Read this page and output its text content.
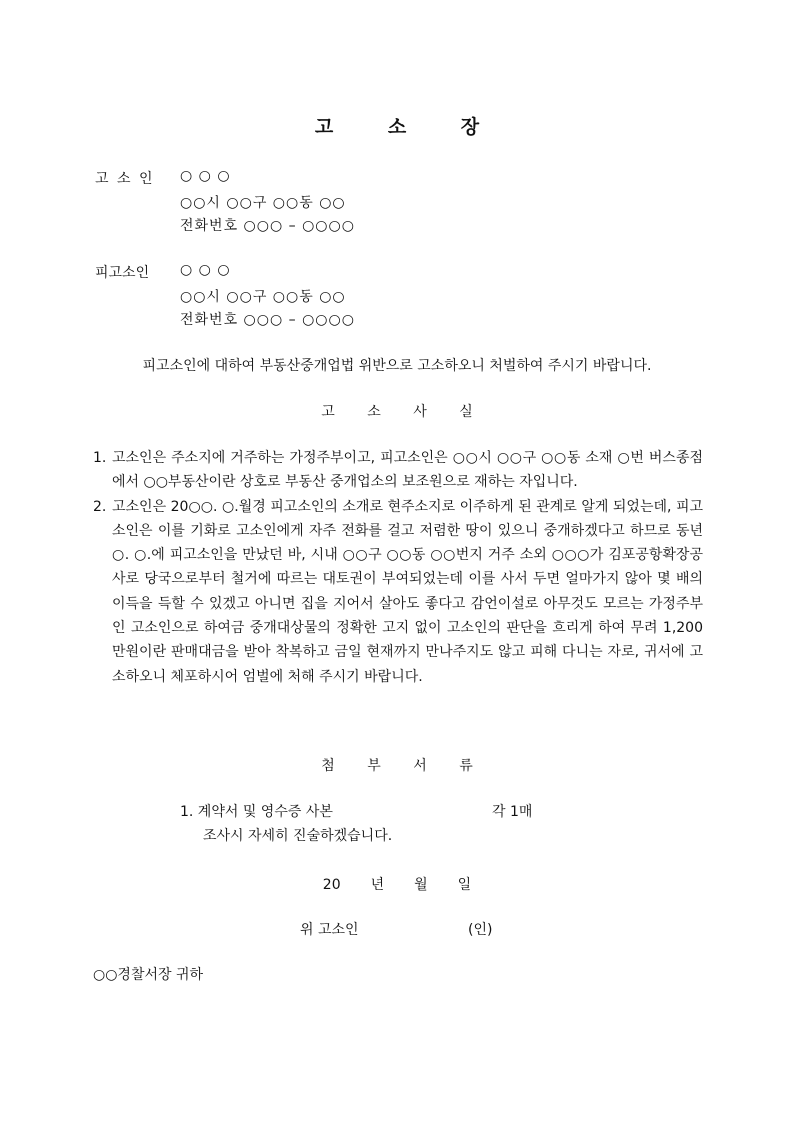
고 소 장
고 소 인 ○ ○ ○
○○시 ○○구 ○○동 ○○
전화번호 ○○○ – ○○○○
피고소인 ○ ○ ○
○○시 ○○구 ○○동 ○○
전화번호 ○○○ – ○○○○
피고소인에 대하여 부동산중개업법 위반으로 고소하오니 처벌하여 주시기 바랍니다.
고 소 사 실
1. 고소인은 주소지에 거주하는 가정주부이고, 피고소인은 ○○시 ○○구 ○○동 소재 ○번 버스종점에서 ○○부동산이란 상호로 부동산 중개업소의 보조원으로 재하는 자입니다.
2. 고소인은 20○○. ○.월경 피고소인의 소개로 현주소지로 이주하게 된 관계로 알게 되었는데, 피고소인은 이를 기화로 고소인에게 자주 전화를 걸고 저렴한 땅이 있으니 중개하겠다고 하므로 동년 ○. ○.에 피고소인을 만났던 바, 시내 ○○구 ○○동 ○○번지 거주 소외 ○○○가 김포공항확장공사로 당국으로부터 철거에 따르는 대토권이 부여되었는데 이를 사서 두면 얼마가지 않아 몇 배의 이득을 득할 수 있겠고 아니면 집을 지어서 살아도 좋다고 감언이설로 아무것도 모르는 가정주부인 고소인으로 하여금 중개대상물의 정확한 고지 없이 고소인의 판단을 흐리게 하여 무려 1,200만원이란 판매대금을 받아 착복하고 금일 현재까지 만나주지도 않고 피해 다니는 자로, 귀서에 고소하오니 체포하시어 엄벌에 처해 주시기 바랍니다.
첨 부 서 류
1. 계약서 및 영수증 사본	각 1매
조사시 자세히 진술하겠습니다.
20 년 월 일
위 고소인	(인)
○○경찰서장 귀하
